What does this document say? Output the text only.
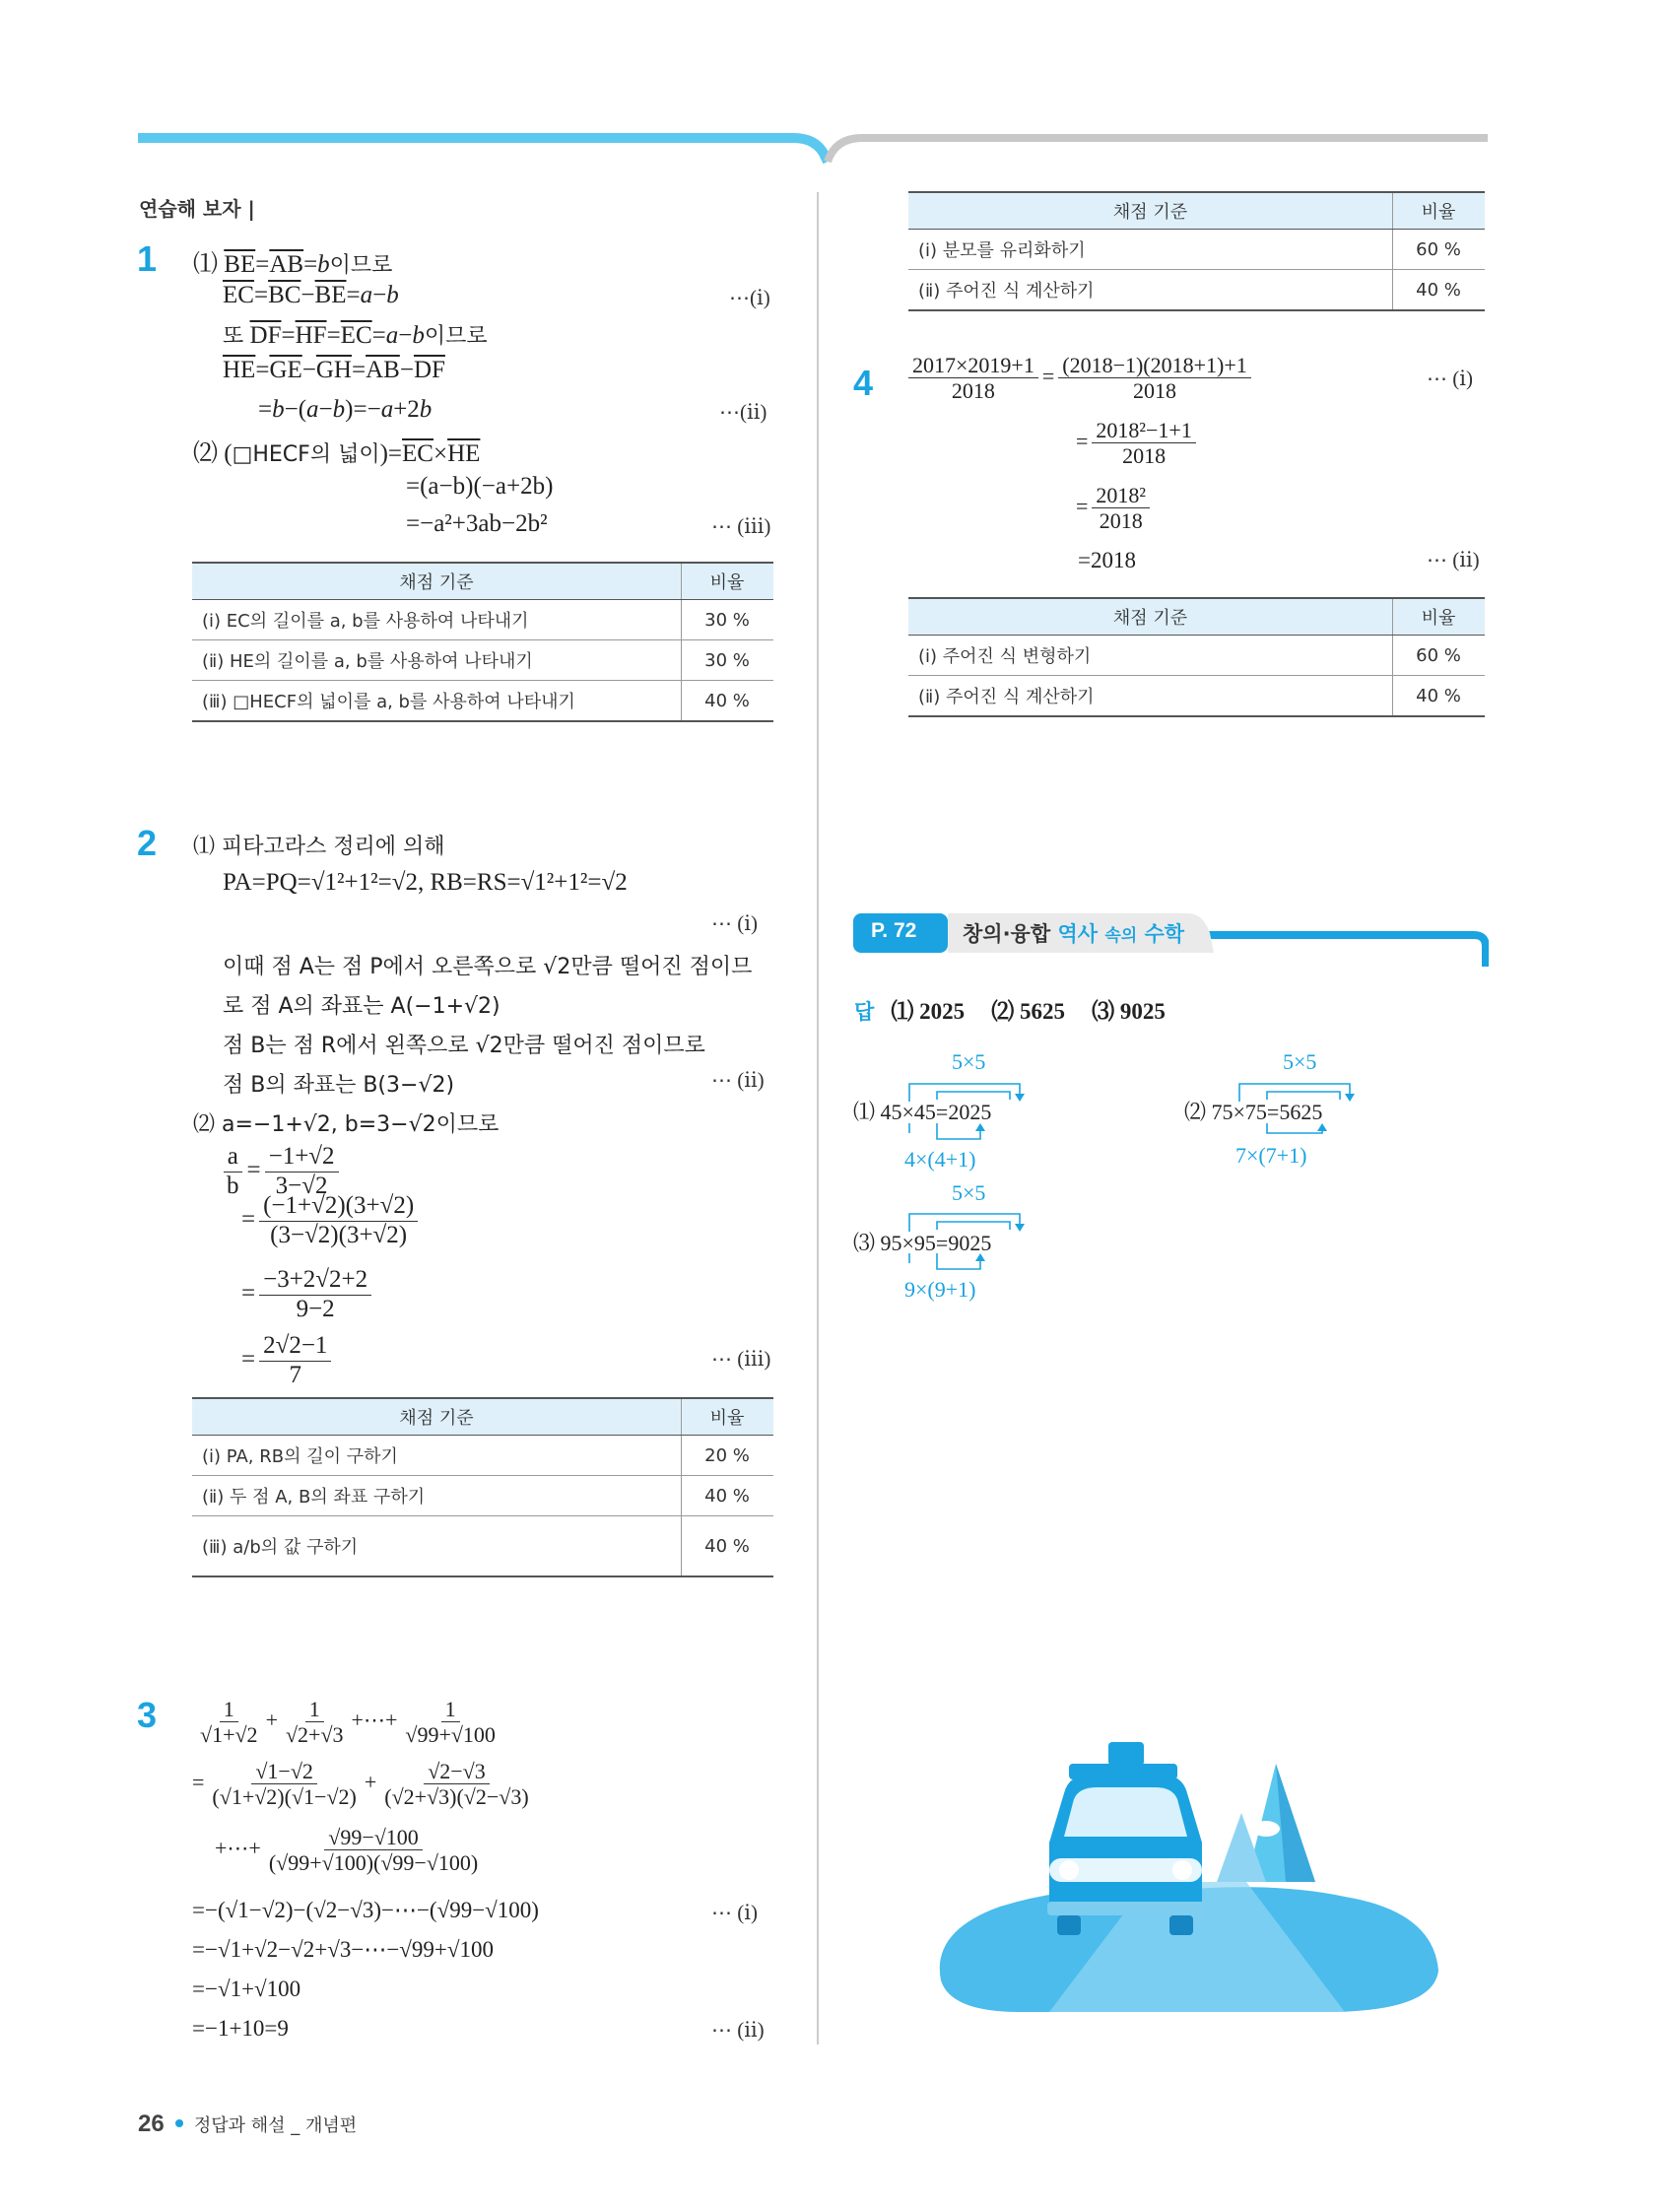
연습해 보자 |
1 ⑴ $\overline{BE}=\overline{AB}=b$이므로
$\overline{EC}=\overline{BC}-\overline{BE}=a-b$	⋯(ⅰ)
또 $\overline{DF}=\overline{HF}=\overline{EC}=a-b$이므로
$\overline{HE}=\overline{GE}-\overline{GH}=\overline{AB}-\overline{DF}$
=b−(a−b)=−a+2b	⋯(ⅱ)
⑵ (□HECF의 넓이)$=\overline{EC}\times\overline{HE}$
=(a−b)(−a+2b)
=−a²+3ab−2b²	⋯ (ⅲ)
채점 기준	비율
(ⅰ) EC의 길이를 a, b를 사용하여 나타내기	30 %
(ⅱ) HE의 길이를 a, b를 사용하여 나타내기	30 %
(ⅲ) □HECF의 넓이를 a, b를 사용하여 나타내기	40 %
2 ⑴ 피타고라스 정리에 의해
PA=PQ=√1²+1²=√2, RB=RS=√1²+1²=√2
⋯ (ⅰ)
이때 점 A는 점 P에서 오른쪽으로 √2만큼 떨어진 점이므
로 점 A의 좌표는 A(−1+√2)
점 B는 점 R에서 왼쪽으로 √2만큼 떨어진 점이므로
점 B의 좌표는 B(3−√2)	⋯ (ⅱ)
⑵ a=−1+√2, b=3−√2이므로
$\frac{a}{b} = \frac{-1+√2}{3-√2}$
= $\frac{(-1+√2)(3+√2)}{(3-√2)(3+√2)}$
= $\frac{-3+2√2+2}{9-2}$
= $\frac{2√2-1}{7}$	⋯ (ⅲ)
채점 기준	비율
(ⅰ) PA, RB의 길이 구하기	20 %
(ⅱ) 두 점 A, B의 좌표 구하기	40 %
(ⅲ) a/b의 값 구하기	40 %
$3 \frac{1}{√1+√2} + \frac{1}{√2+√3}$ +⋯+ $\frac{1}{√99+√100}$
= $\frac{√1-√2}{(√1+√2)(√1-√2)} + \frac{√2-√3}{(√2+√3)(√2-√3)}$
+⋯+ $\frac{√99-√100}{(√99+√100)(√99-√100)}$
=−(√1−√2)−(√2−√3)−⋯−(√99−√100)	⋯ (ⅰ)
=−√1+√2−√2+√3−⋯−√99+√100
=−√1+√100
=−1+10=9	⋯ (ⅱ)
채점 기준	비율
(ⅰ) 분모를 유리화하기	60 %
(ⅱ) 주어진 식 계산하기	40 %
$4 \frac{2017\times 2019+1}{2018} = \frac{(2018-1)(2018+1)+1}{2018}$	⋯ (ⅰ)
= $\frac{\text{2018²−1+1}}{2018}$
= $\frac{\text{2018²}}{2018}$
=2018	⋯ (ⅱ)
채점 기준	비율
(ⅰ) 주어진 식 변형하기	60 %
(ⅱ) 주어진 식 계산하기	40 %
P. 72 창의·융합 역사 속의 수학
답 ⑴ 2025 ⑵ 5625 ⑶ 9025
5×5
⑴ 45×45=2025
4×(4+1)
5×5
⑵ 75×75=5625
7×(7+1)
5×5
⑶ 95×95=9025
9×(9+1)
+ +
+
26 정답과 해설 _ 개념편
